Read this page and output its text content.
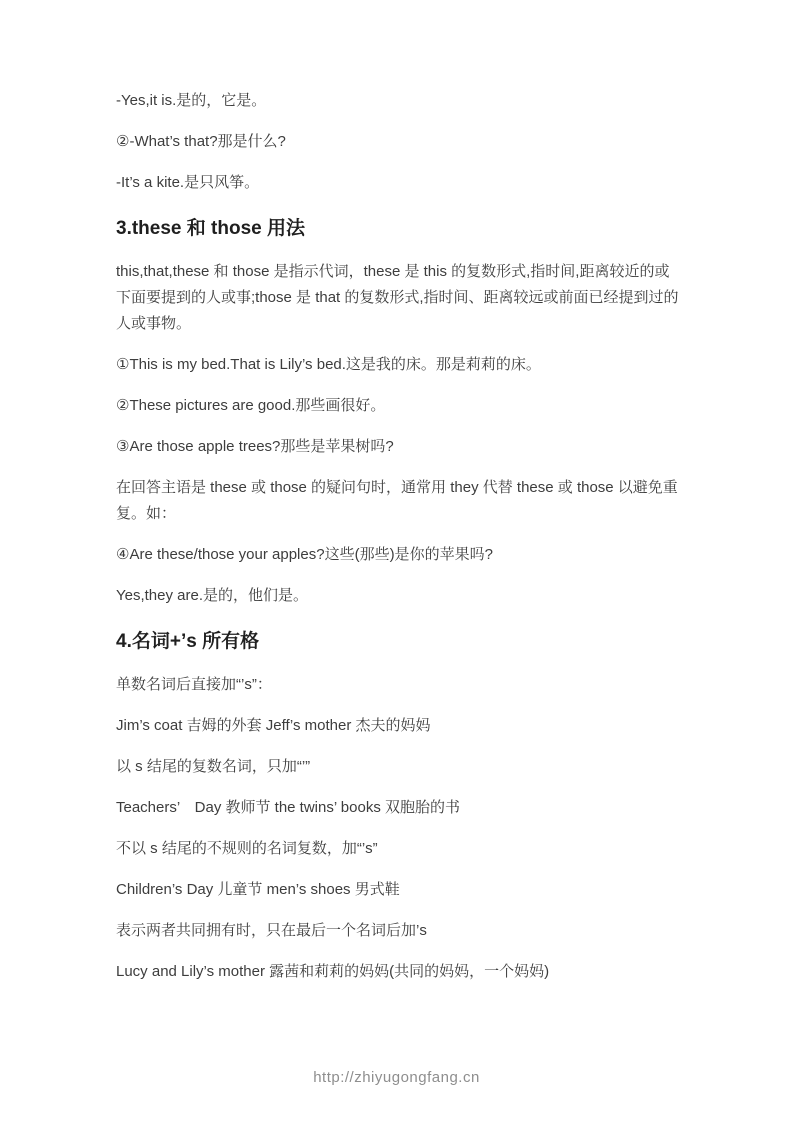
-Yes,it is.是的，它是。

②-What’s that?那是什么?

-It’s a kite.是只风筝。

3.these 和 those 用法

this,that,these 和 those 是指示代词，these 是 this 的复数形式,指时间,距离较近的或下面要提到的人或事;those 是 that 的复数形式,指时间、距离较远或前面已经提到过的人或事物。

①This is my bed.That is Lily’s bed.这是我的床。那是莉莉的床。

②These pictures are good.那些画很好。

③Are those apple trees?那些是苹果树吗?

在回答主语是 these 或 those 的疑问句时，通常用 they 代替 these 或 those 以避免重复。如：

④Are these/those your apples?这些(那些)是你的苹果吗?

Yes,they are.是的，他们是。

4.名词+’s 所有格

单数名词后直接加“’s”：

Jim’s coat 吉姆的外套 Jeff’s mother 杰夫的妈妈

以 s 结尾的复数名词，只加“’”

Teachers’　Day 教师节 the twins’ books 双胞胎的书

不以 s 结尾的不规则的名词复数，加“’s”

Children’s Day 儿童节 men’s shoes 男式鞋

表示两者共同拥有时，只在最后一个名词后加’s

Lucy and Lily’s mother 露茜和莉莉的妈妈(共同的妈妈，一个妈妈)

http://zhiyugongfang.cn
